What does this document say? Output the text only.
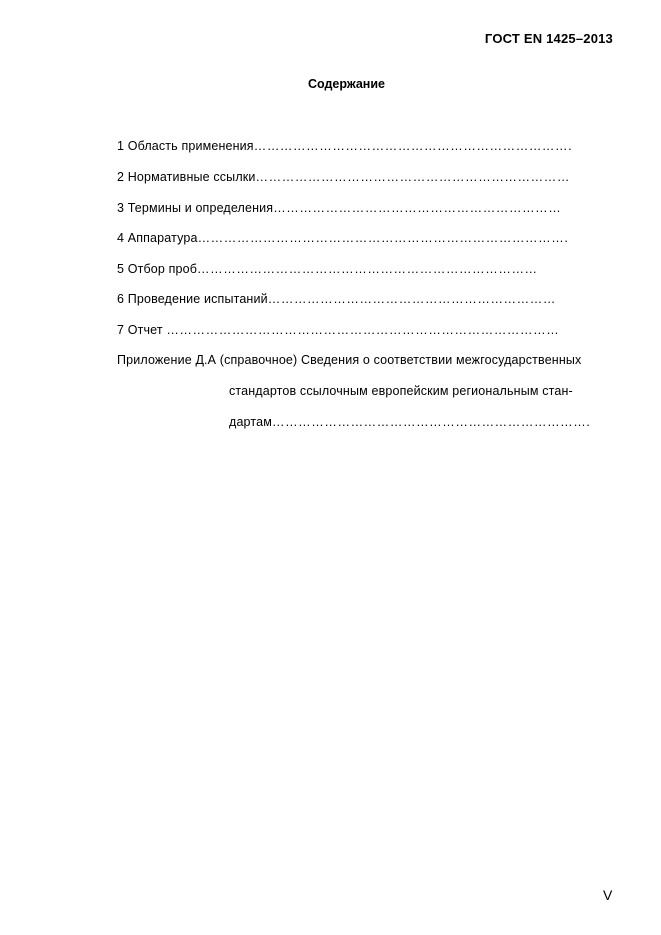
ГОСТ EN 1425–2013
Содержание
1 Область применения……………………………………………………………….
2 Нормативные ссылки………………………………………………………………
3 Термины и определения…………………………………………………………
4 Аппаратура………………………………………………………………………….
5 Отбор проб……………………………………………………………………
6 Проведение испытаний…………………………………………………………
7 Отчет ………………………………………………………………………………
Приложение Д.А (справочное) Сведения о соответствии межгосударственных
стандартов ссылочным европейским региональным стан-
дартам……………………………………………………………….
V
